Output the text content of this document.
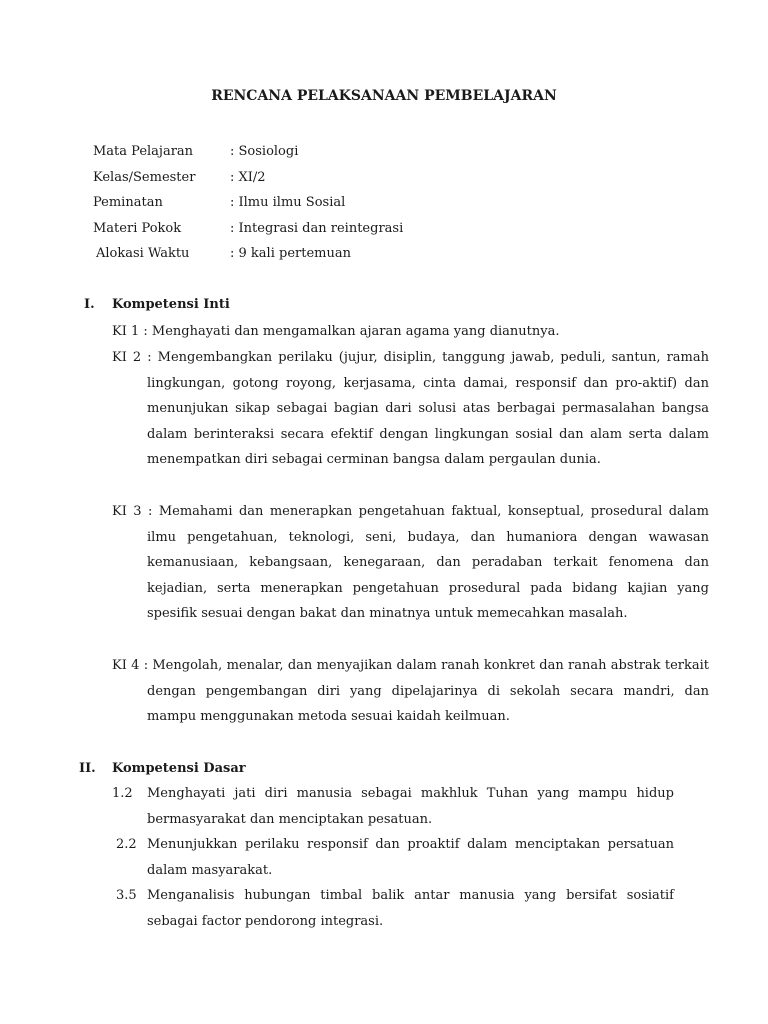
RENCANA PELAKSANAAN PEMBELAJARAN
Mata Pelajaran	: Sosiologi
Kelas/Semester	: XI/2
Peminatan	: Ilmu ilmu Sosial
Materi Pokok	: Integrasi dan reintegrasi
Alokasi Waktu	: 9 kali pertemuan
I. Kompetensi Inti
KI 1 : Menghayati dan mengamalkan ajaran agama yang dianutnya.
KI 2 : Mengembangkan perilaku (jujur, disiplin, tanggung jawab, peduli, santun, ramah lingkungan, gotong royong, kerjasama, cinta damai, responsif dan pro-aktif) dan menunjukan sikap sebagai bagian dari solusi atas berbagai permasalahan bangsa dalam berinteraksi secara efektif dengan lingkungan sosial dan alam serta dalam menempatkan diri sebagai cerminan bangsa dalam pergaulan dunia.
KI 3 : Memahami dan menerapkan pengetahuan faktual, konseptual, prosedural dalam ilmu pengetahuan, teknologi, seni, budaya, dan humaniora dengan wawasan kemanusiaan, kebangsaan, kenegaraan, dan peradaban terkait fenomena dan kejadian, serta menerapkan pengetahuan prosedural pada bidang kajian yang spesifik sesuai dengan bakat dan minatnya untuk memecahkan masalah.
KI 4 : Mengolah, menalar, dan menyajikan dalam ranah konkret dan ranah abstrak terkait dengan pengembangan diri yang dipelajarinya di sekolah secara mandri, dan mampu menggunakan metoda sesuai kaidah keilmuan.
II. Kompetensi Dasar
1.2	Menghayati jati diri manusia sebagai makhluk Tuhan yang mampu hidup bermasyarakat dan menciptakan pesatuan.
2.2 Menunjukkan perilaku responsif dan proaktif dalam menciptakan persatuan dalam masyarakat.
3.5 Menganalisis hubungan timbal balik antar manusia yang bersifat sosiatif sebagai factor pendorong integrasi.
